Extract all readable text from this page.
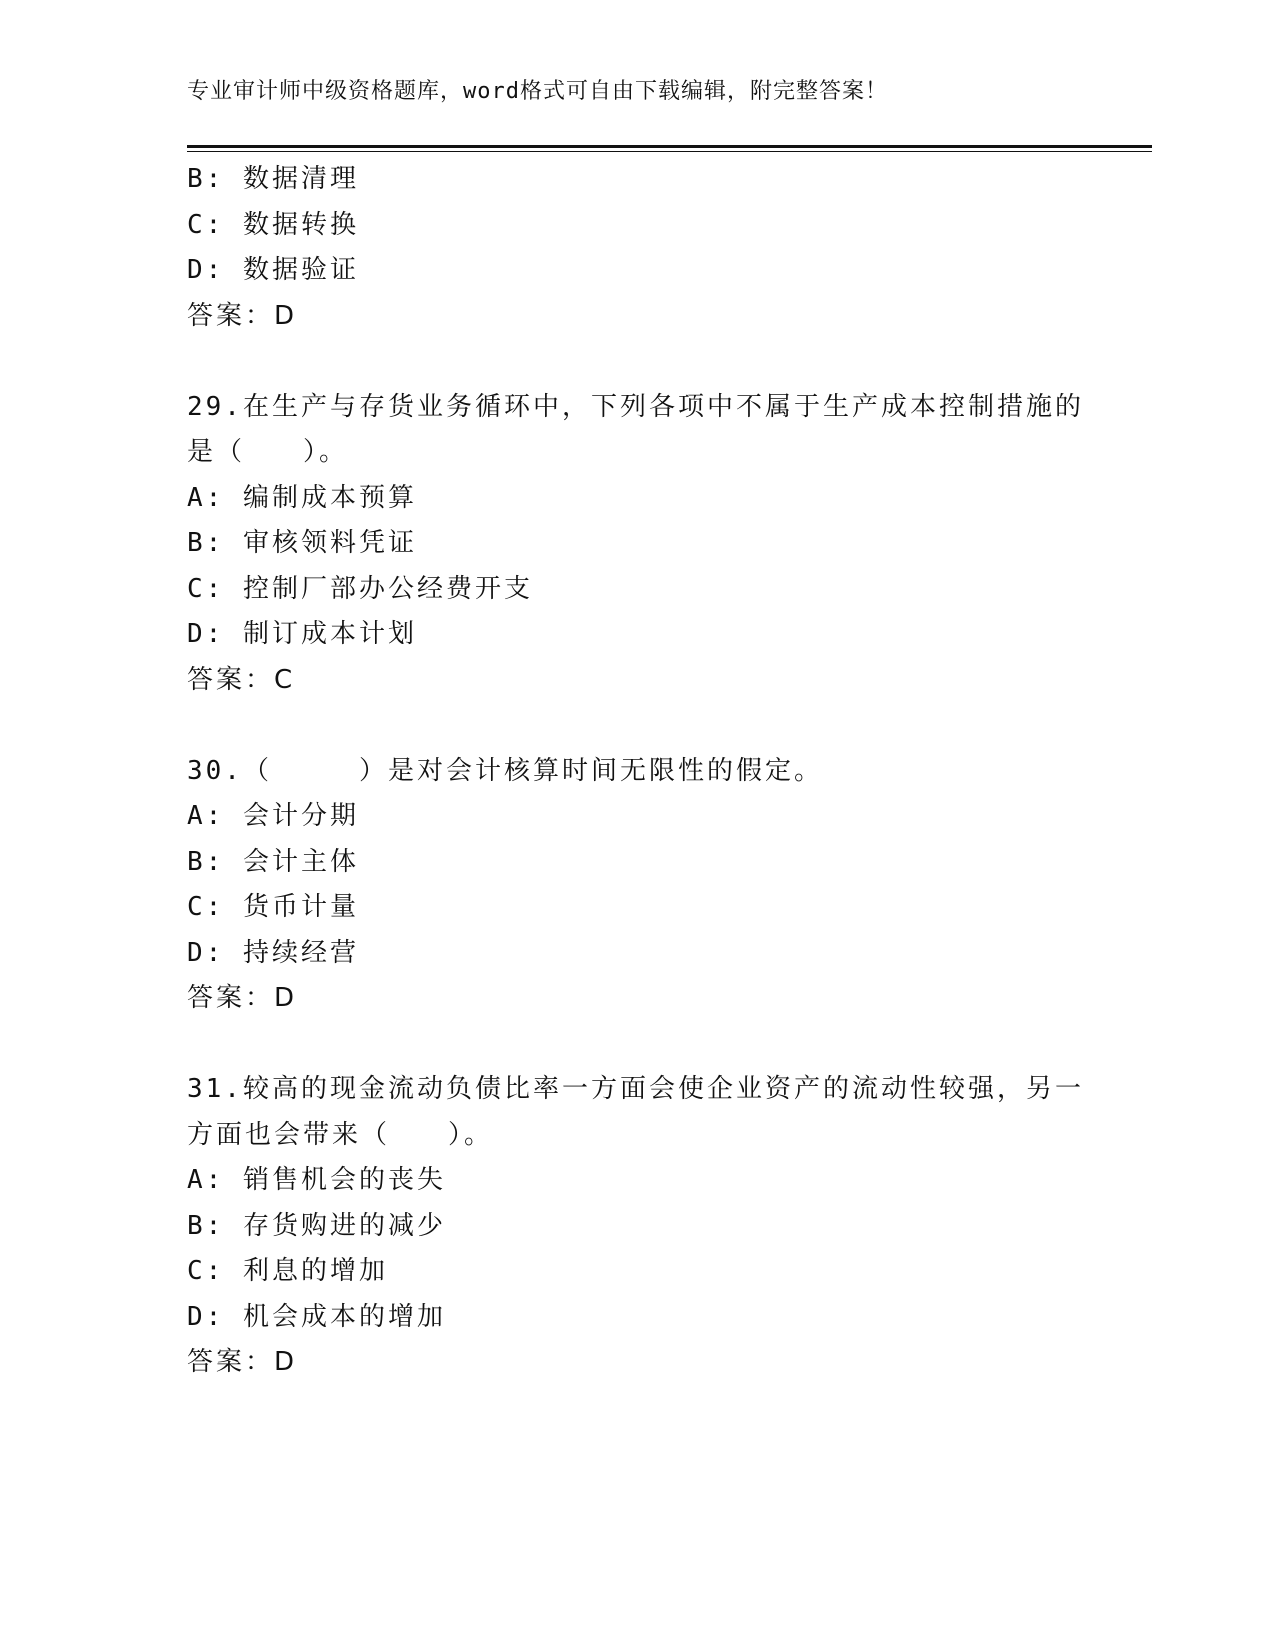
专业审计师中级资格题库，word格式可自由下载编辑，附完整答案！
B: 数据清理
C: 数据转换
D: 数据验证
答案：D
29.在生产与存货业务循环中，下列各项中不属于生产成本控制措施的
是（　　）。
A: 编制成本预算
B: 审核领料凭证
C: 控制厂部办公经费开支
D: 制订成本计划
答案：C
30.（　　　）是对会计核算时间无限性的假定。
A: 会计分期
B: 会计主体
C: 货币计量
D: 持续经营
答案：D
31.较高的现金流动负债比率一方面会使企业资产的流动性较强，另一
方面也会带来（　　）。
A: 销售机会的丧失
B: 存货购进的减少
C: 利息的增加
D: 机会成本的增加
答案：D
